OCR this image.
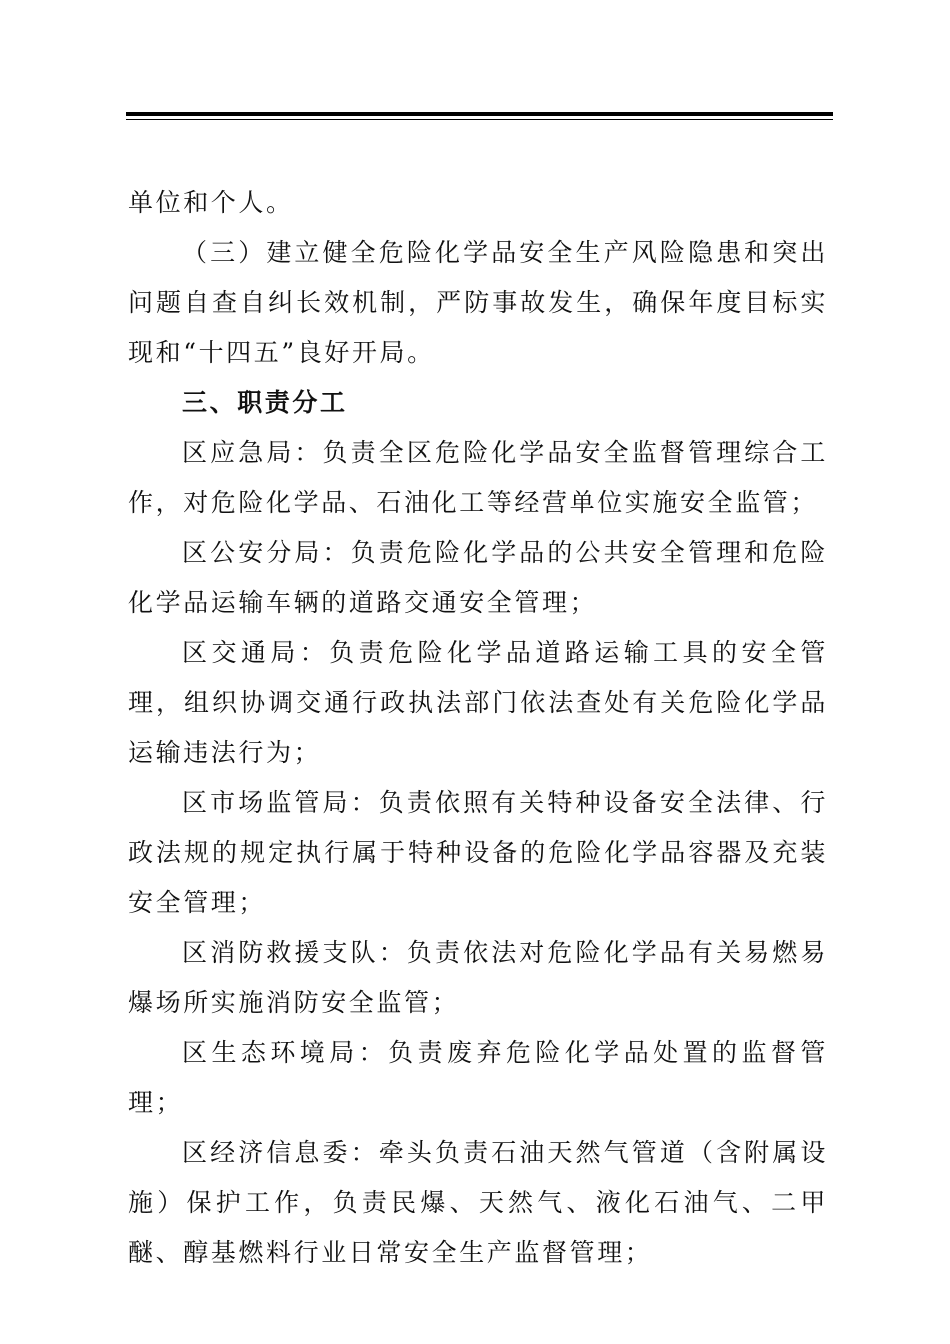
单位和个人。

（三）建立健全危险化学品安全生产风险隐患和突出问题自查自纠长效机制，严防事故发生，确保年度目标实现和“十四五”良好开局。

三、职责分工

区应急局：负责全区危险化学品安全监督管理综合工作，对危险化学品、石油化工等经营单位实施安全监管；

区公安分局：负责危险化学品的公共安全管理和危险化学品运输车辆的道路交通安全管理；

区交通局：负责危险化学品道路运输工具的安全管理，组织协调交通行政执法部门依法查处有关危险化学品运输违法行为；

区市场监管局：负责依照有关特种设备安全法律、行政法规的规定执行属于特种设备的危险化学品容器及充装安全管理；

区消防救援支队：负责依法对危险化学品有关易燃易爆场所实施消防安全监管；

区生态环境局：负责废弃危险化学品处置的监督管理；

区经济信息委：牵头负责石油天然气管道（含附属设施）保护工作，负责民爆、天然气、液化石油气、二甲醚、醇基燃料行业日常安全生产监督管理；
